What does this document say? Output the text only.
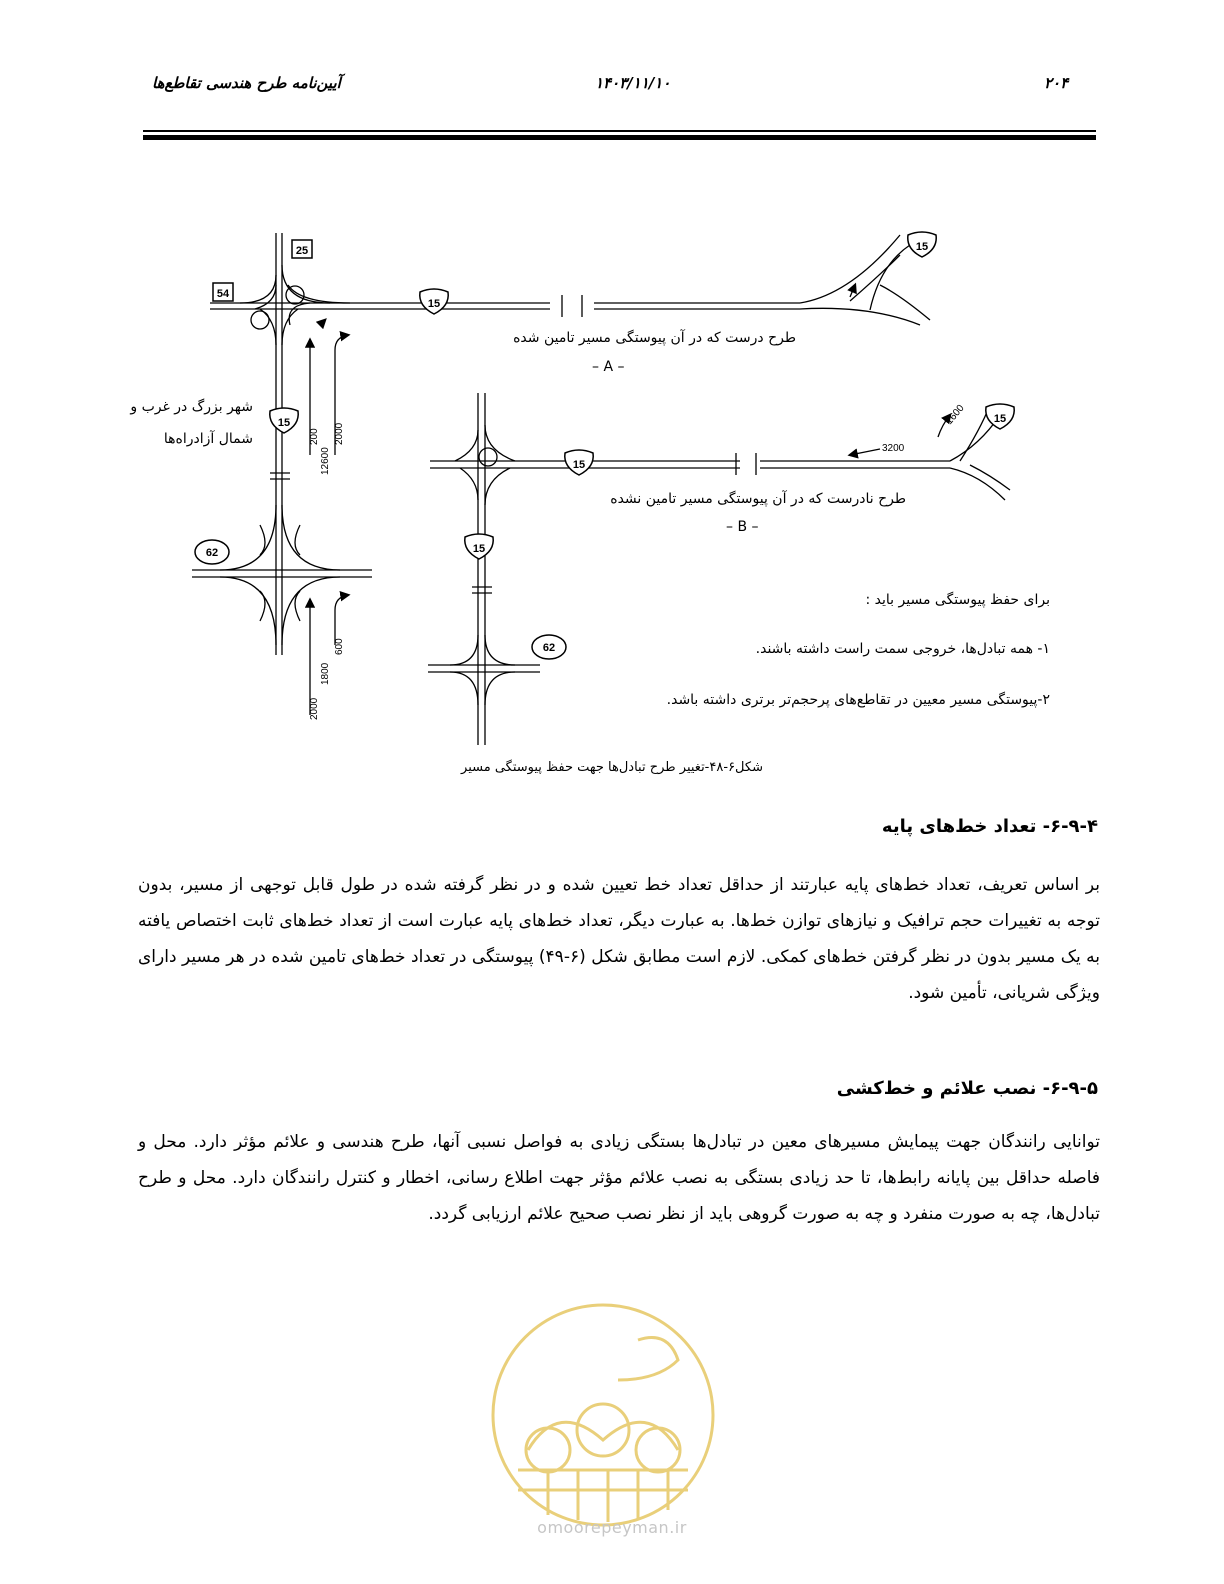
۲۰۴
۱۴۰۳/۱۱/۱۰
آیین‌نامه طرح هندسی تقاطع‌ها
25
54
15
15
15
15
15
15
62
62
200 2000
12600
600
1800
2000
3200
1600
طرح درست که در آن پیوستگی مسیر تامین شده
– A –
شهر بزرگ در غرب و
شمال آزادراه‌ها
طرح نادرست که در آن پیوستگی مسیر تامین نشده
– B –
برای حفظ پیوستگی مسیر باید :
۱- همه تبادل‌ها، خروجی سمت راست داشته باشند.
۲-پیوستگی مسیر معیین در تقاطع‌های پرحجم‌تر برتری داشته باشد.
شکل۶-۴۸-تغییر طرح تبادل‌ها جهت حفظ پیوستگی مسیر
۶-۹-۴- تعداد خط‌های پایه

بر اساس تعریف، تعداد خط‌های پایه عبارتند از حداقل تعداد خط تعیین شده و در نظر گرفته شده در طول قابل توجهی از مسیر، بدون توجه به تغییرات حجم ترافیک و نیازهای توازن خط‌ها. به عبارت دیگر، تعداد خط‌های پایه عبارت است از تعداد خط‌های ثابت اختصاص یافته به یک مسیر بدون در نظر گرفتن خط‌های کمکی. لازم است مطابق شکل (۶-۴۹) پیوستگی در تعداد خط‌های تامین شده در هر مسیر دارای ویژگی شریانی، تأمین شود.

۶-۹-۵- نصب علائم و خط‌کشی

توانایی رانندگان جهت پیمایش مسیرهای معین در تبادل‌ها بستگی زیادی به فواصل نسبی آنها، طرح هندسی و علائم مؤثر دارد. محل و فاصله حداقل بین پایانه رابط‌ها، تا حد زیادی بستگی به نصب علائم مؤثر جهت اطلاع رسانی، اخطار و کنترل رانندگان دارد. محل و طرح تبادل‌ها، چه به صورت منفرد و چه به صورت گروهی باید از نظر نصب صحیح علائم ارزیابی گردد.

omoorepeyman.ir
